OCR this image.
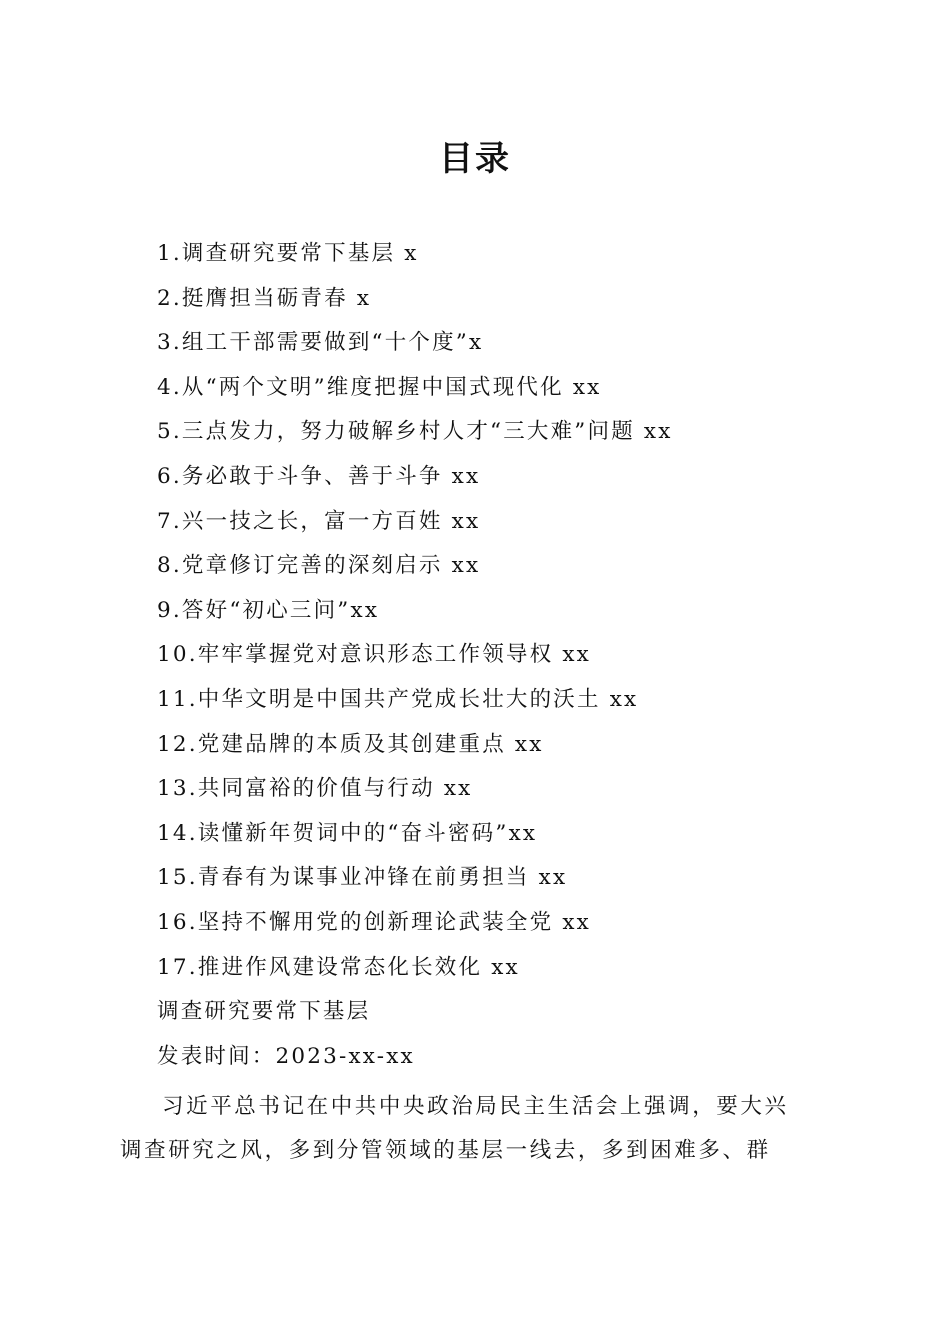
目录
1.调查研究要常下基层 x
2.挺膺担当砺青春 x
3.组工干部需要做到“十个度”x
4.从“两个文明”维度把握中国式现代化 xx
5.三点发力，努力破解乡村人才“三大难”问题 xx
6.务必敢于斗争、善于斗争 xx
7.兴一技之长，富一方百姓 xx
8.党章修订完善的深刻启示 xx
9.答好“初心三问”xx
10.牢牢掌握党对意识形态工作领导权 xx
11.中华文明是中国共产党成长壮大的沃土 xx
12.党建品牌的本质及其创建重点 xx
13.共同富裕的价值与行动 xx
14.读懂新年贺词中的“奋斗密码”xx
15.青春有为谋事业冲锋在前勇担当 xx
16.坚持不懈用党的创新理论武装全党 xx
17.推进作风建设常态化长效化 xx
调查研究要常下基层
发表时间：2023-xx-xx
习近平总书记在中共中央政治局民主生活会上强调，要大兴
调查研究之风，多到分管领域的基层一线去，多到困难多、群
